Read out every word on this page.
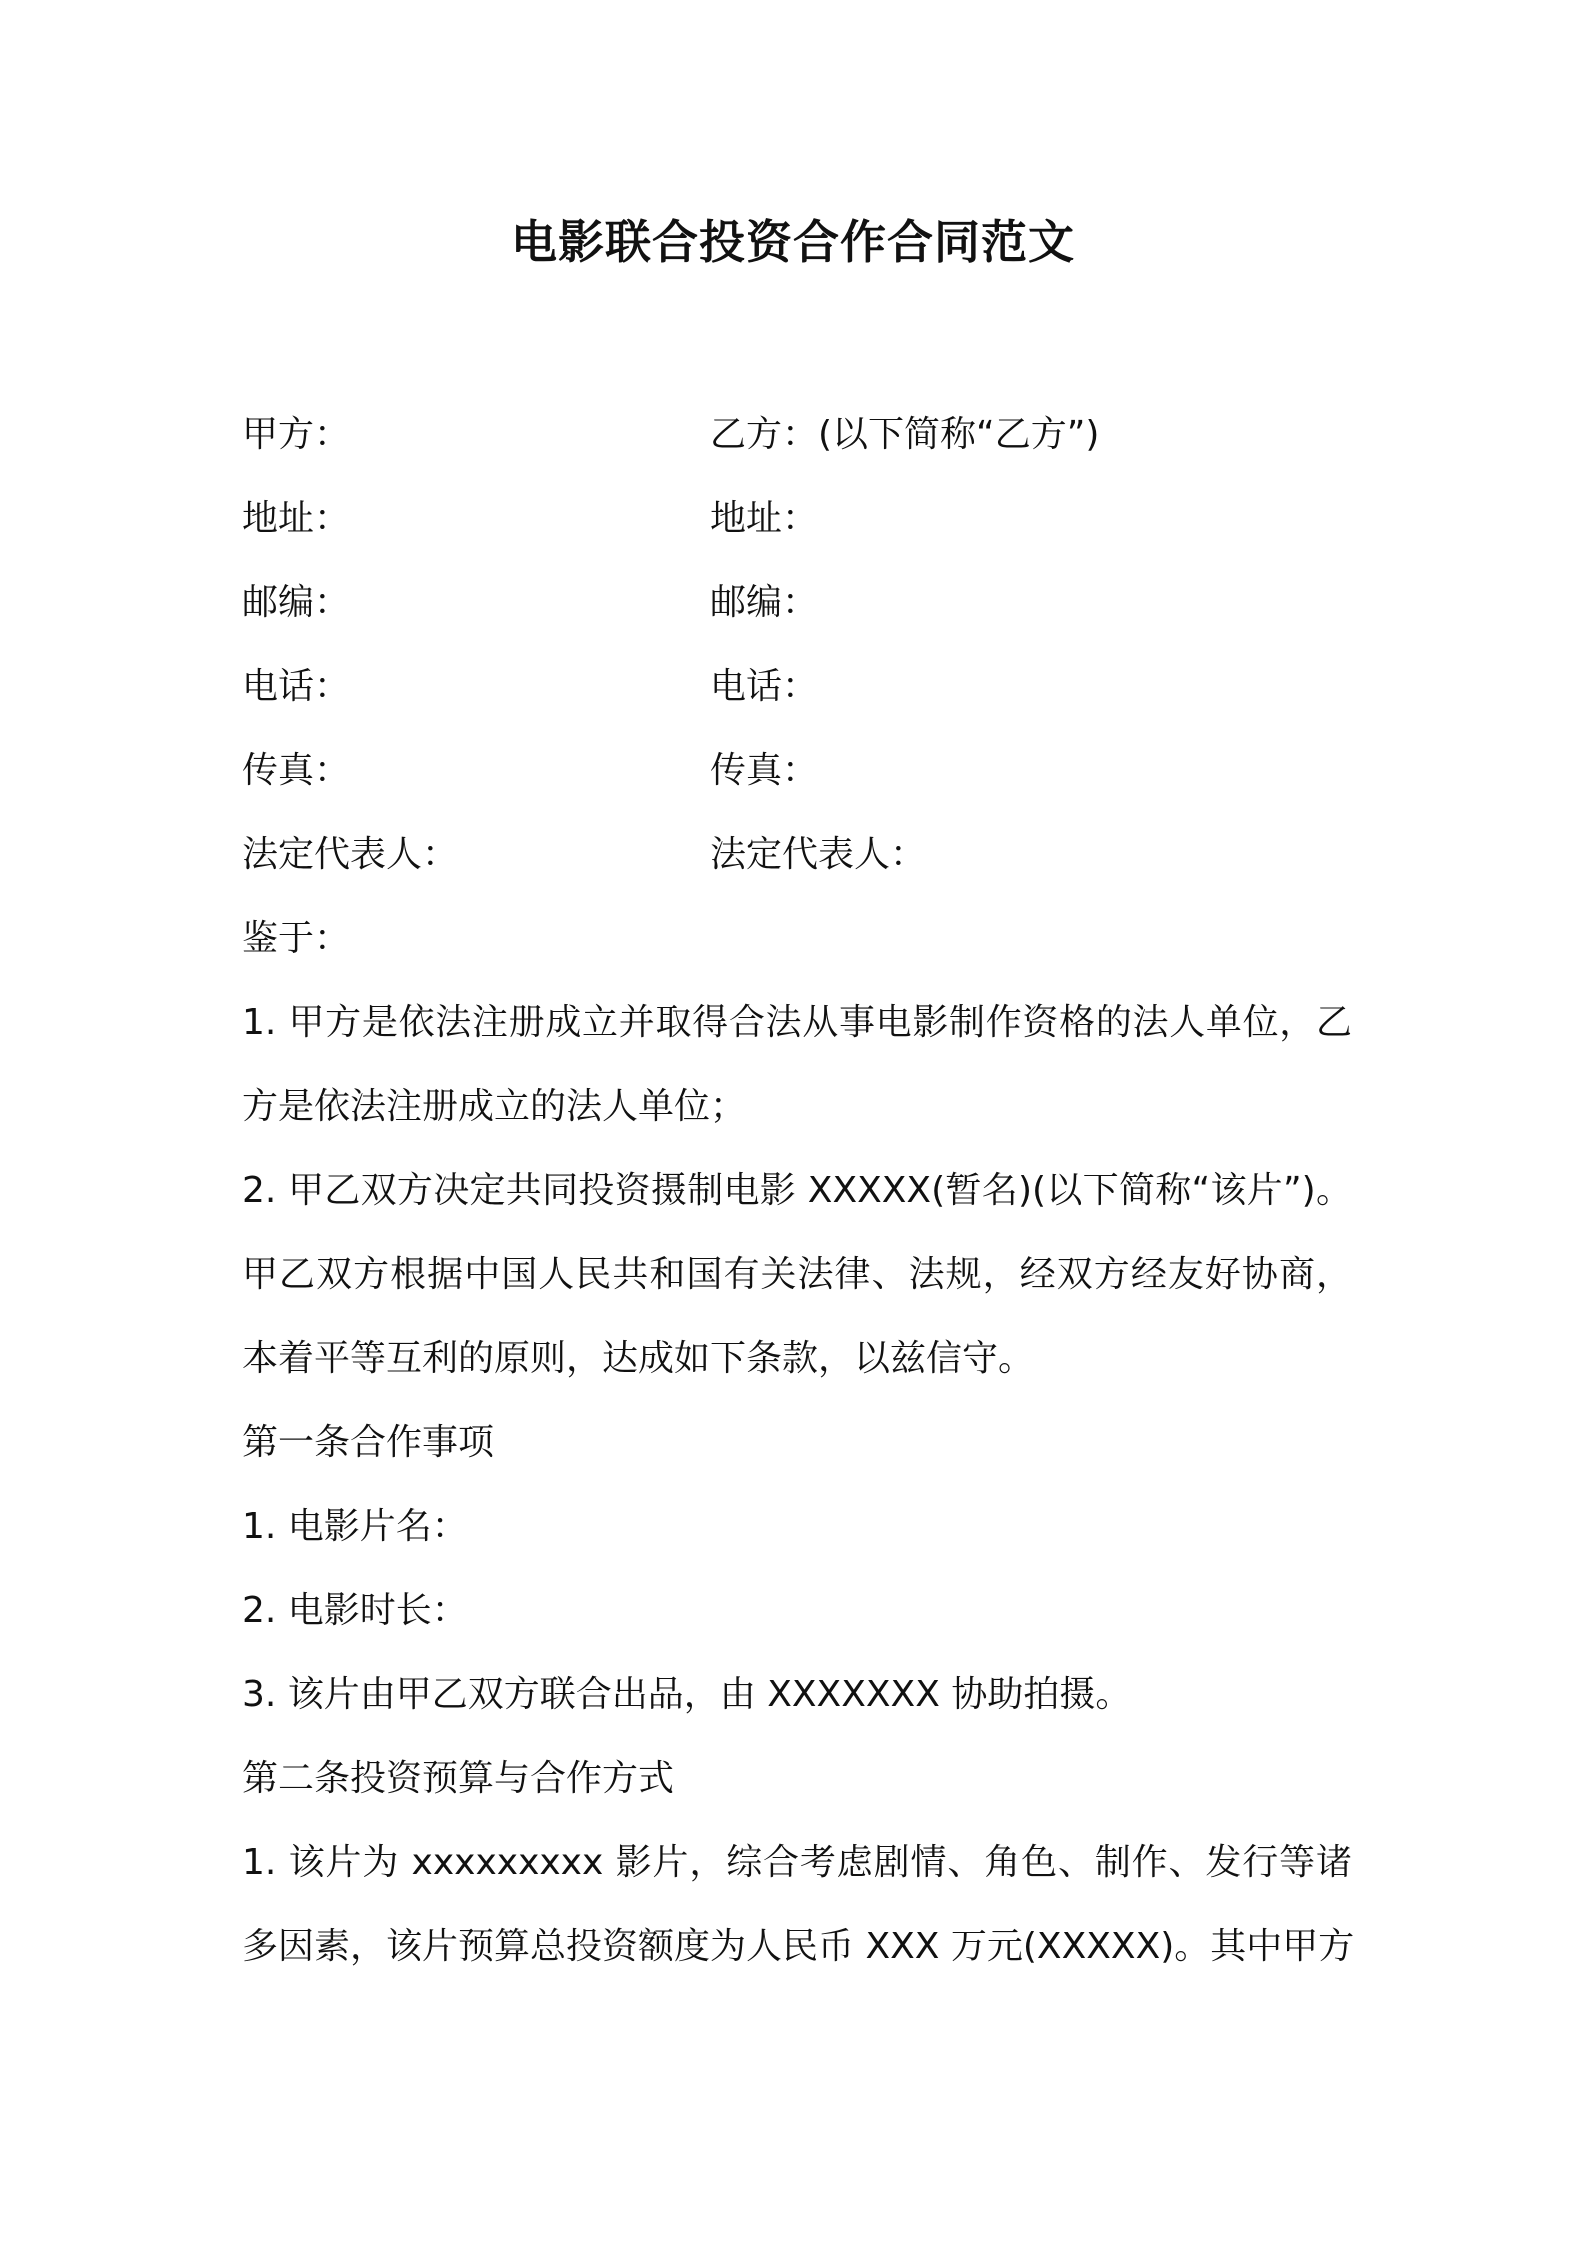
电影联合投资合作合同范文
甲方：	乙方：(以下简称“乙方”)
地址：	地址：
邮编：	邮编：
电话：	电话：
传真：	传真：
法定代表人：	法定代表人：
鉴于：
1. 甲方是依法注册成立并取得合法从事电影制作资格的法人单位，乙
方是依法注册成立的法人单位；
2. 甲乙双方决定共同投资摄制电影 XXXXX(暂名)(以下简称“该片”)。
甲乙双方根据中国人民共和国有关法律、法规，经双方经友好协商，
本着平等互利的原则，达成如下条款，以兹信守。
第一条合作事项
1. 电影片名：
2. 电影时长：
3. 该片由甲乙双方联合出品，由 XXXXXXX 协助拍摄。
第二条投资预算与合作方式
1. 该片为 xxxxxxxxx 影片，综合考虑剧情、角色、制作、发行等诸
多因素，该片预算总投资额度为人民币 XXX 万元(XXXXX)。其中甲方
